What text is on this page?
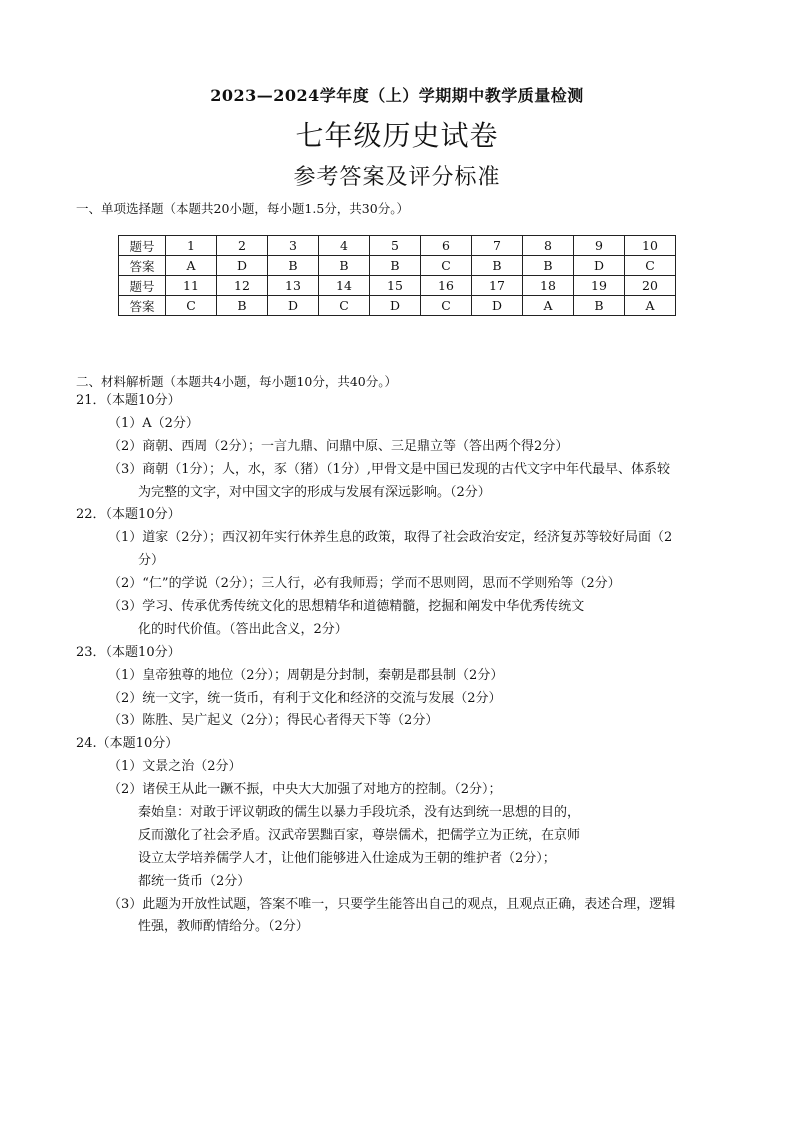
2023—2024学年度（上）学期期中教学质量检测
七年级历史试卷
参考答案及评分标准
一、单项选择题（本题共20小题，每小题1.5分，共30分。）
题号	1	2	3	4	5	6	7	8	9	10
答案	A	D	B	B	B	C	B	B	D	C
题号	11	12	13	14	15	16	17	18	19	20
答案	C	B	D	C	D	C	D	A	B	A
二、材料解析题（本题共4小题，每小题10分，共40分。）
21．（本题10分）
（1）A（2分）
（2）商朝、西周（2分）；一言九鼎、问鼎中原、三足鼎立等（答出两个得2分）
（3）商朝（1分）；人，水，豕（猪）（1分）,甲骨文是中国已发现的古代文字中年代最早、体系较
为完整的文字，对中国文字的形成与发展有深远影响。（2分）
22．（本题10分）
（1）道家（2分）；西汉初年实行休养生息的政策，取得了社会政治安定，经济复苏等较好局面（2
分）
（2）“仁”的学说（2分）；三人行，必有我师焉；学而不思则罔，思而不学则殆等（2分）
（3）学习、传承优秀传统文化的思想精华和道德精髓，挖掘和阐发中华优秀传统文
化的时代价值。（答出此含义，2分）
23．（本题10分）
（1）皇帝独尊的地位（2分）；周朝是分封制，秦朝是郡县制（2分）
（2）统一文字，统一货币，有利于文化和经济的交流与发展（2分）
（3）陈胜、吴广起义（2分）；得民心者得天下等（2分）
24.（本题10分）
（1）文景之治（2分）
（2）诸侯王从此一蹶不振，中央大大加强了对地方的控制。（2分）；
秦始皇：对敢于评议朝政的儒生以暴力手段坑杀，没有达到统一思想的目的，
反而激化了社会矛盾。汉武帝罢黜百家，尊崇儒术，把儒学立为正统，在京师
设立太学培养儒学人才，让他们能够进入仕途成为王朝的维护者（2分）；
都统一货币（2分）
（3）此题为开放性试题，答案不唯一，只要学生能答出自己的观点，且观点正确，表述合理，逻辑
性强，教师酌情给分。（2分）
